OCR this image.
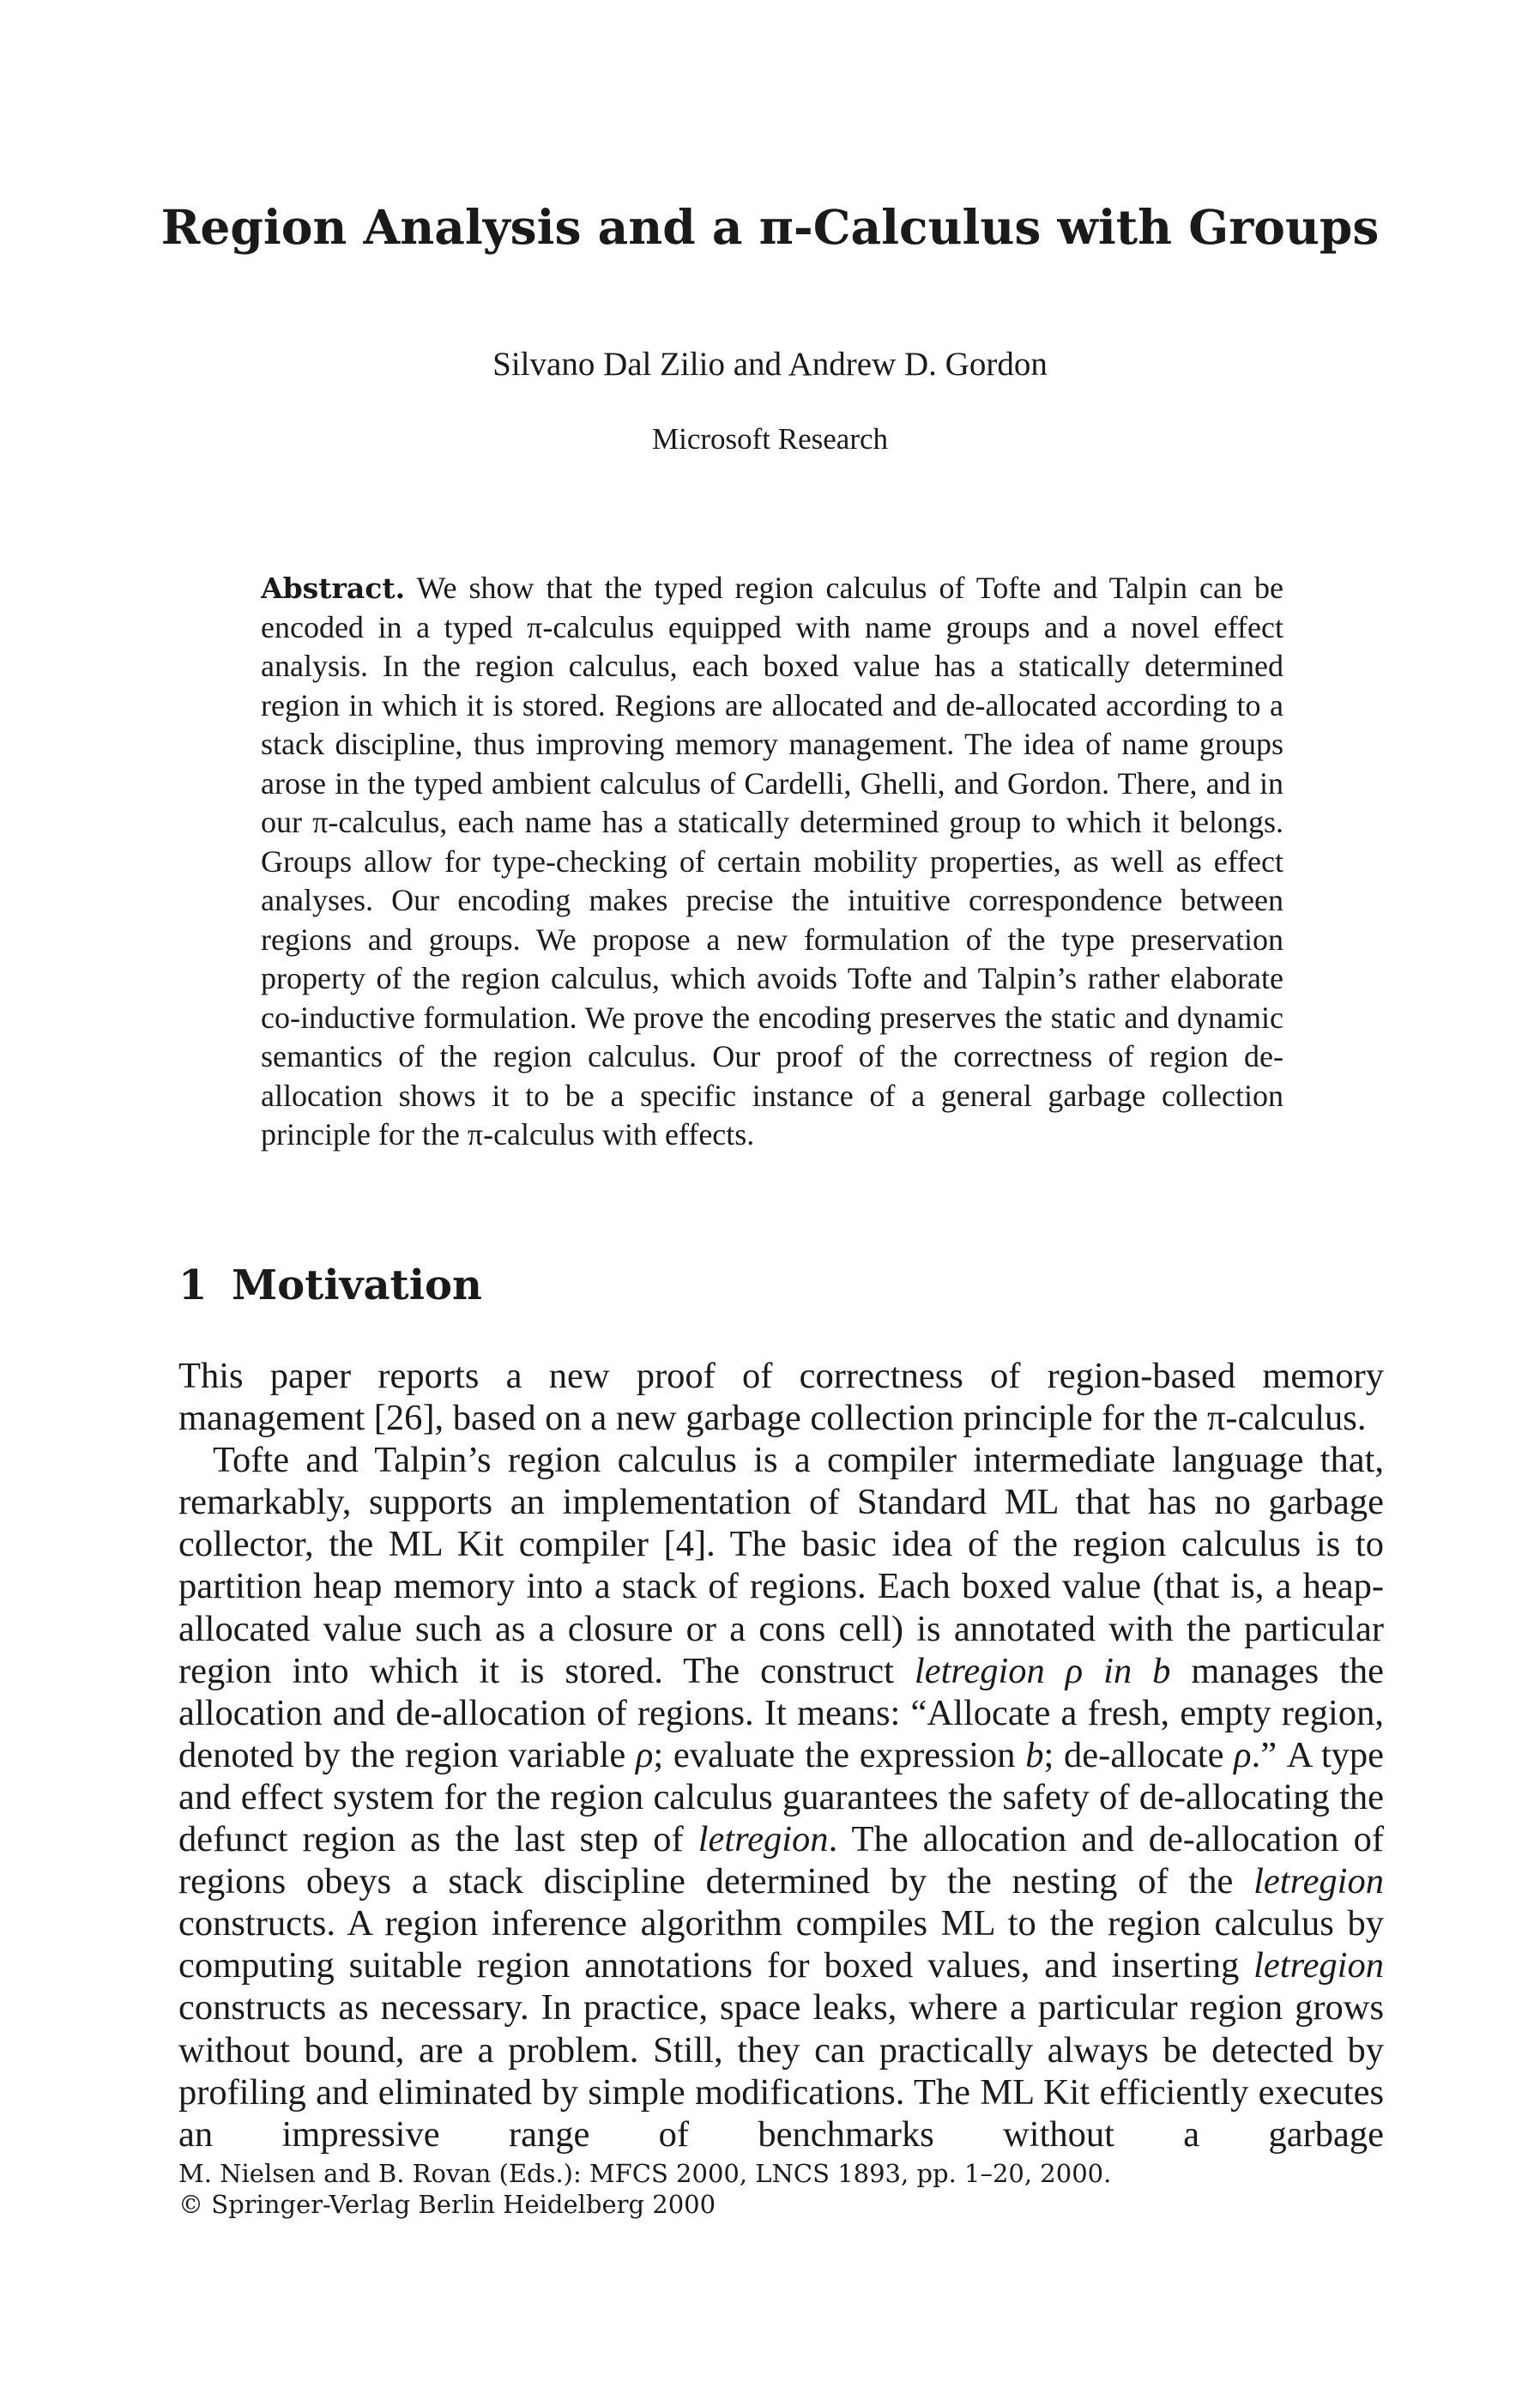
Region Analysis and a π-Calculus with Groups
Silvano Dal Zilio and Andrew D. Gordon
Microsoft Research
Abstract. We show that the typed region calculus of Tofte and Talpin can be encoded in a typed π-calculus equipped with name groups and a novel effect analysis. In the region calculus, each boxed value has a statically determined region in which it is stored. Regions are allocated and de-allocated according to a stack discipline, thus improving memory management. The idea of name groups arose in the typed ambient calculus of Cardelli, Ghelli, and Gordon. There, and in our π-calculus, each name has a statically determined group to which it belongs. Groups allow for type-checking of certain mobility properties, as well as effect analyses. Our encoding makes precise the intuitive correspondence between regions and groups. We propose a new formulation of the type preservation property of the region calculus, which avoids Tofte and Talpin’s rather elaborate co-inductive formulation. We prove the encoding preserves the static and dynamic semantics of the region calculus. Our proof of the correctness of region de-allocation shows it to be a specific instance of a general garbage collection principle for the π-calculus with effects.
1 Motivation

This paper reports a new proof of correctness of region-based memory management [26], based on a new garbage collection principle for the π-calculus.

Tofte and Talpin’s region calculus is a compiler intermediate language that, remarkably, supports an implementation of Standard ML that has no garbage collector, the ML Kit compiler [4]. The basic idea of the region calculus is to partition heap memory into a stack of regions. Each boxed value (that is, a heap-allocated value such as a closure or a cons cell) is annotated with the particular region into which it is stored. The construct letregion ρ in b manages the allocation and de-allocation of regions. It means: “Allocate a fresh, empty region, denoted by the region variable ρ; evaluate the expression b; de-allocate ρ.” A type and effect system for the region calculus guarantees the safety of de-allocating the defunct region as the last step of letregion. The allocation and de-allocation of regions obeys a stack discipline determined by the nesting of the letregion constructs. A region inference algorithm compiles ML to the region calculus by computing suitable region annotations for boxed values, and inserting letregion constructs as necessary. In practice, space leaks, where a particular region grows without bound, are a problem. Still, they can practically always be detected by profiling and eliminated by simple modifications. The ML Kit efficiently executes an impressive range of benchmarks without a garbage

M. Nielsen and B. Rovan (Eds.): MFCS 2000, LNCS 1893, pp. 1–20, 2000.
© Springer-Verlag Berlin Heidelberg 2000
